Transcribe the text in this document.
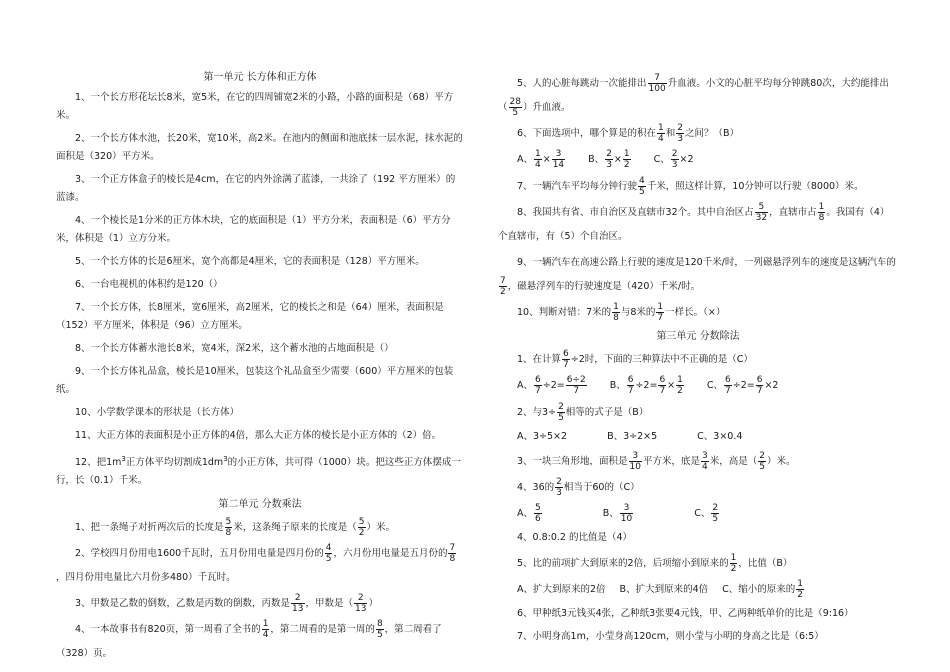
第一单元 长方体和正方体
1、一个长方形花坛长8米，宽5米，在它的四周铺宽2米的小路，小路的面积是（68）平方米。
2、一个长方体水池，长20米，宽10米，高2米。在池内的侧面和池底抹一层水泥，抹水泥的面积是（320）平方米。
3、一个正方体盒子的棱长是4cm，在它的内外涂满了蓝漆，一共涂了（192 平方厘米）的蓝漆。
4、一个棱长是1分米的正方体木块，它的底面积是（1）平方分米，表面积是（6）平方分米，体积是（1）立方分米。
5、一个长方体的长是6厘米，宽个高都是4厘米，它的表面积是（128）平方厘米。
6、一台电视机的体积约是120（）
7、一个长方体，长8厘米，宽6厘米，高2厘米，它的棱长之和是（64）厘米，表面积是（152）平方厘米，体积是（96）立方厘米。
8、一个长方体蓄水池长8米，宽4米，深2米，这个蓄水池的占地面积是（）
9、一个长方体礼品盒，棱长是10厘米，包装这个礼品盒至少需要（600）平方厘米的包装纸。
10、小学数学课本的形状是（长方体）
11、大正方体的表面积是小正方体的4倍，那么大正方体的棱长是小正方体的（2）倍。
12、把$1m^3$正方体平均切割成$1dm^3$的小正方体，共可得（1000）块。把这些正方体摆成一行，长（0.1）千米。
第二单元 分数乘法
1、把一条绳子对折两次后的长度是 $\frac{5}{8}$ 米，这条绳子原来的长度是（ $\frac{5}{2}$ ）米。
2、学校四月份用电1600千瓦时，五月份用电量是四月份的 $\frac{4}{5}$ ，六月份用电量是五月份的 $\frac{7}{8}$
，四月份用电量比六月份多480）千瓦时。
3、甲数是乙数的倒数，乙数是丙数的倒数，丙数是 $\frac{2}{13}$ ，甲数是（ $\frac{2}{13}$ ）
4、一本故事书有820页，第一周看了全书的 $\frac{1}{4}$ ，第二周看的是第一周的 $\frac{8}{5}$ ，第二周看了（328）页。
5、人的心脏每跳动一次能排出 $\frac{7}{100}$ 升血液。小文的心脏平均每分钟跳80次，大约能排出（ $\frac{28}{5}$ ）升血液。
6、下面选项中，哪个算是的积在 $\frac{1}{4}$ 和 $\frac{2}{3}$ 之间？（B）
A、 $\frac{1}{4} \times \frac{3}{14}$ B、 $\frac{2}{3} \times \frac{1}{2}$ C、 $\frac{2}{3} \times 2$
7、一辆汽车平均每分钟行驶 $\frac{4}{5}$ 千米，照这样计算，10分钟可以行驶（8000）米。
8、我国共有省、市自治区及直辖市32个。其中自治区占 $\frac{5}{32}$ ，直辖市占 $\frac{1}{8}$ 。我国有（4）个直辖市，有（5）个自治区。
9、一辆汽车在高速公路上行驶的速度是120千米/时，一列磁悬浮列车的速度是这辆汽车的
$\frac{7}{2}$ ，磁悬浮列车的行驶速度是（420）千米/时。
10、判断对错：7米的 $\frac{1}{8}$ 与8米的 $\frac{1}{7}$ 一样长。（×）
第三单元 分数除法
1、在计算 $\frac{6}{7} \div 2$时，下面的三种算法中不正确的是（C）
A、 $\frac{6}{7} \div 2= \frac{6\div 2}{7}$ B、 $\frac{6}{7} \div 2= \frac{6}{7} \times \frac{1}{2}$ C、 $\frac{6}{7} \div 2= \frac{6}{7} \times 2$
2、与$3\div \frac{2}{5}$ 相等的式子是（B）
A、3÷5×2	B、3÷2×5	C、3×0.4
3、一块三角形地，面积是 $\frac{3}{10}$ 平方米，底是 $\frac{3}{4}$ 米，高是（ $\frac{2}{5}$ ）米。
4、36的 $\frac{2}{3}$ 相当于60的（C）
A、 $\frac{5}{6}$	B、 $\frac{3}{10}$	C、 $\frac{2}{5}$
4、0.8:0.2 的比值是（4）
5、比的前项扩大到原来的2倍，后项缩小到原来的 $\frac{1}{2}$ ，比值（B）
A、扩大到原来的2倍 B、扩大到原来的4倍 C、缩小的原来的 $\frac{1}{2}$
6、甲种纸3元钱买4张，乙种纸3张要4元钱，甲、乙两种纸单价的比是（9:16）
7、小明身高1m，小莹身高120cm，则小莹与小明的身高之比是（6:5）
